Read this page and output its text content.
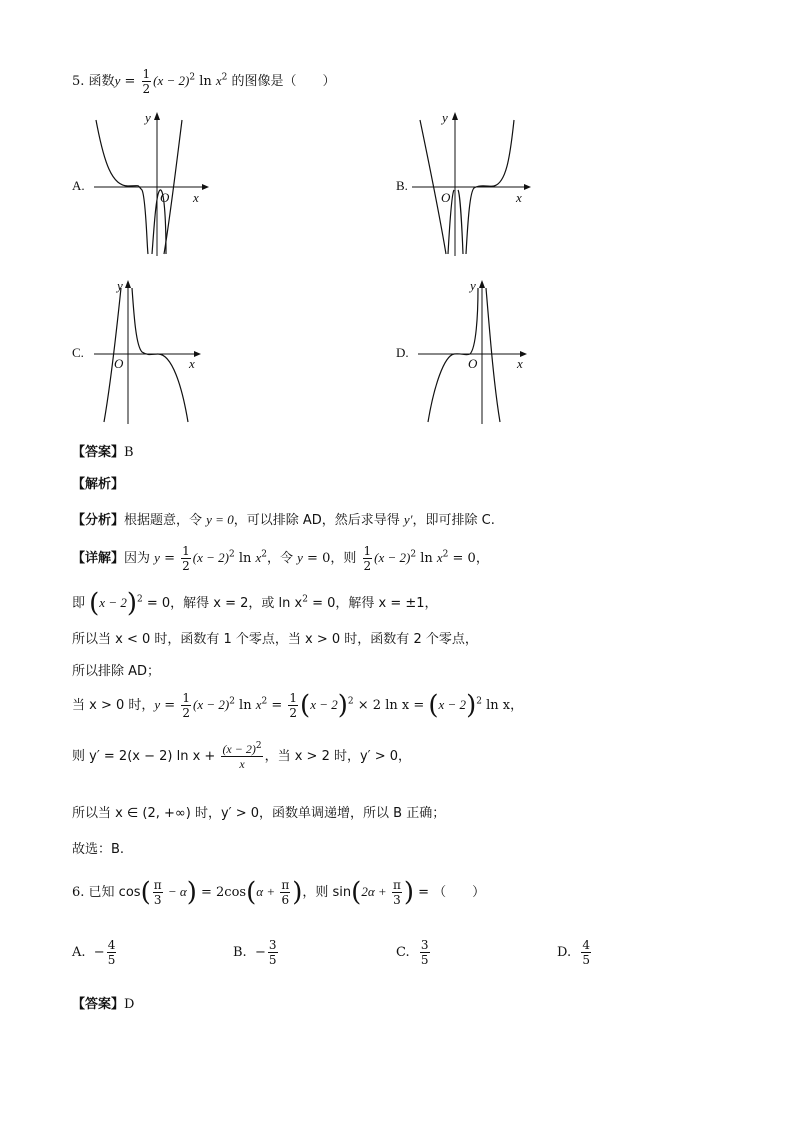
5. 函数$y = \frac{1}{2} (x - 2)^2$ $\ln x^2$ 的图像是（　　）
A.
y
x
O
B.
y
x
O
C.
y
x
O
D.
y
x
O
【答案】B
【解析】
【分析】根据题意，令 y = 0，可以排除 AD，然后求导得 y′，即可排除 C.
【详解】因为 $y = \frac{1}{2} (x - 2)^2$ $\ln x^2$，令 y = 0，则 $\frac{1}{2} (x - 2)^2$ $\ln x^2 = 0$，
即 $(x - 2)^2 = 0$，解得 x = 2，或 $\ln x^2 = 0$，解得 x = ±1，
所以当 x < 0 时，函数有 1 个零点，当 x > 0 时，函数有 2 个零点，
所以排除 AD；
当 x > 0 时，$y = \frac{1}{2} (x - 2)^2$ $\ln x^2 = \frac{1}{2} (x - 2)^2 \times 2$ $\ln x = (x - 2)^2$ ln x，
则 y′ = 2(x − 2) $\ln x + \frac{(x - 2)^2}{x}$ ，当 x > 2 时，y′ > 0，
所以当 x ∈ (2, +∞) 时，y′ > 0，函数单调递增，所以 B 正确；
故选：B.
6. 已知 $\cos( \frac{\pi}{3} - \alpha) = 2\cos(\alpha + \frac{\pi}{6}$ )，则 $\sin(2\alpha + \frac{\pi}{3}$ ) = （　　）
A. − $\frac{4}{5}$	B. − $\frac{3}{5}$	C. $\frac{3}{5}$	D. $\frac{4}{5}$
【答案】D
